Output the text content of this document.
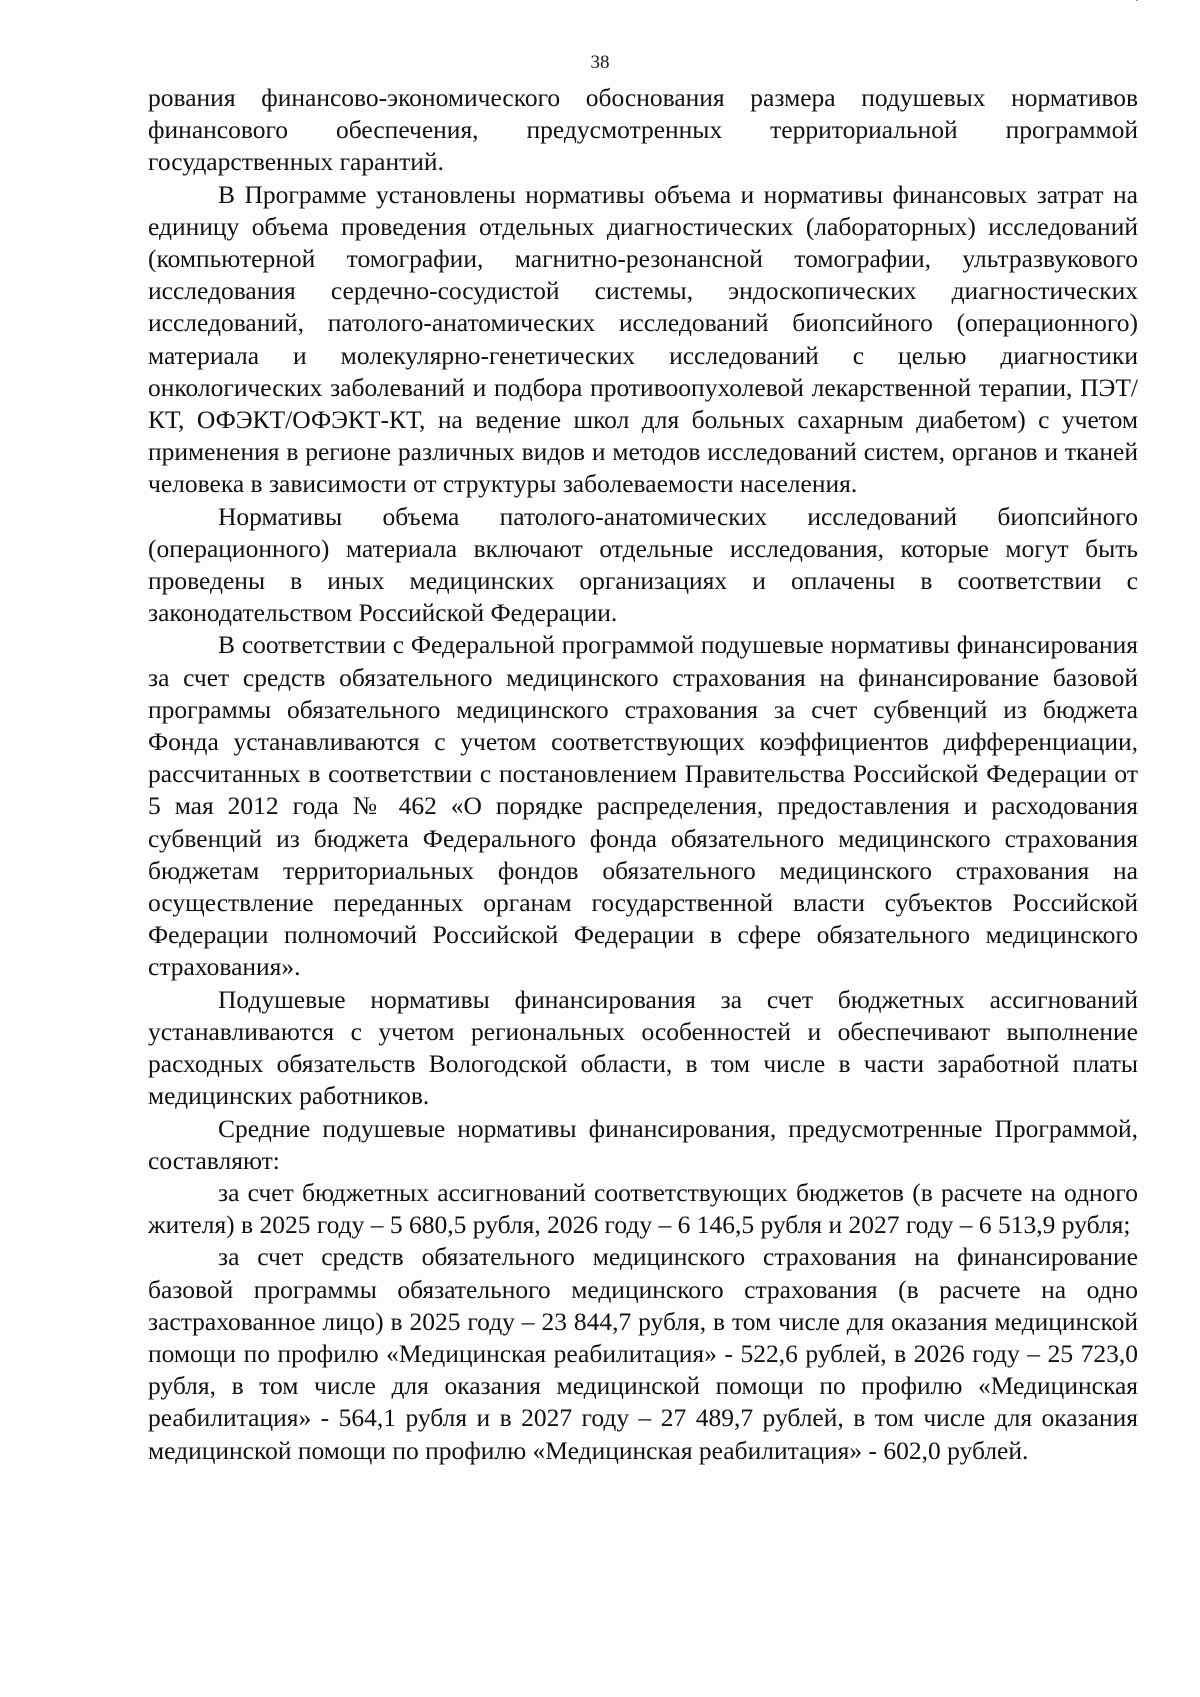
38

рования финансово-экономического обоснования размера подушевых нормативов финансового обеспечения, предусмотренных территориальной программой государственных гарантий.

В Программе установлены нормативы объема и нормативы финансовых затрат на единицу объема проведения отдельных диагностических (лабораторных) исследований (компьютерной томографии, магнитно-резонансной томографии, ультразвукового исследования сердечно-сосудистой системы, эндоскопических диагностических исследований, патолого-анатомических исследований биопсийного (операционного) материала и молекулярно-генетических исследований с целью диагностики онкологических заболеваний и подбора противоопухолевой лекарственной терапии, ПЭТ/КТ, ОФЭКТ/ОФЭКТ-КТ, на ведение школ для больных сахарным диабетом) с учетом применения в регионе различных видов и методов исследований систем, органов и тканей человека в зависимости от структуры заболеваемости населения.

Нормативы объема патолого-анатомических исследований биопсийного (операционного) материала включают отдельные исследования, которые могут быть проведены в иных медицинских организациях и оплачены в соответствии с законодательством Российской Федерации.

В соответствии с Федеральной программой подушевые нормативы финансирования за счет средств обязательного медицинского страхования на финансирование базовой программы обязательного медицинского страхования за счет субвенций из бюджета Фонда устанавливаются с учетом соответствующих коэффициентов дифференциации, рассчитанных в соответствии с постановлением Правительства Российской Федерации от 5 мая 2012 года № 462 «О порядке распределения, предоставления и расходования субвенций из бюджета Федерального фонда обязательного медицинского страхования бюджетам территориальных фондов обязательного медицинского страхования на осуществление переданных органам государственной власти субъектов Российской Федерации полномочий Российской Федерации в сфере обязательного медицинского страхования».

Подушевые нормативы финансирования за счет бюджетных ассигнований устанавливаются с учетом региональных особенностей и обеспечивают выполнение расходных обязательств Вологодской области, в том числе в части заработной платы медицинских работников.

Средние подушевые нормативы финансирования, предусмотренные Программой, составляют:

за счет бюджетных ассигнований соответствующих бюджетов (в расчете на одного жителя) в 2025 году – 5 680,5 рубля, 2026 году – 6 146,5 рубля и 2027 году – 6 513,9 рубля;

за счет средств обязательного медицинского страхования на финансирование базовой программы обязательного медицинского страхования (в расчете на одно застрахованное лицо) в 2025 году – 23 844,7 рубля, в том числе для оказания медицинской помощи по профилю «Медицинская реабилитация» - 522,6 рублей, в 2026 году – 25 723,0 рубля, в том числе для оказания медицинской помощи по профилю «Медицинская реабилитация» - 564,1 рубля и в 2027 году – 27 489,7 рублей, в том числе для оказания медицинской помощи по профилю «Медицинская реабилитация» - 602,0 рублей.
